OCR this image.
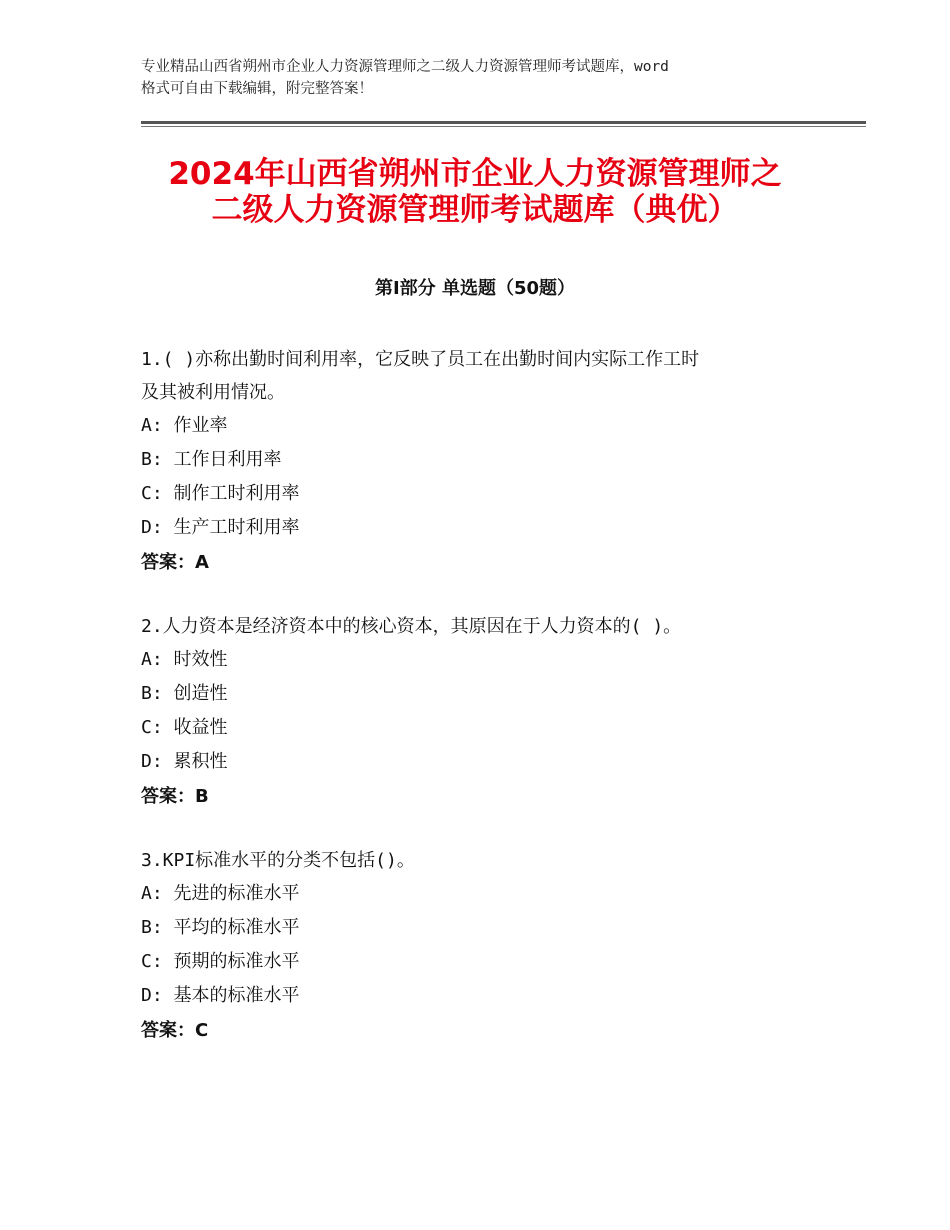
专业精品山西省朔州市企业人力资源管理师之二级人力资源管理师考试题库，word
格式可自由下载编辑，附完整答案！
2024年山西省朔州市企业人力资源管理师之
二级人力资源管理师考试题库（典优）
第Ⅰ部分 单选题（50题）
1.( )亦称出勤时间利用率，它反映了员工在出勤时间内实际工作工时
及其被利用情况。
A: 作业率
B: 工作日利用率
C: 制作工时利用率
D: 生产工时利用率
答案：A
2.人力资本是经济资本中的核心资本，其原因在于人力资本的( )。
A: 时效性
B: 创造性
C: 收益性
D: 累积性
答案：B
3.KPI标准水平的分类不包括()。
A: 先进的标准水平
B: 平均的标准水平
C: 预期的标准水平
D: 基本的标准水平
答案：C
